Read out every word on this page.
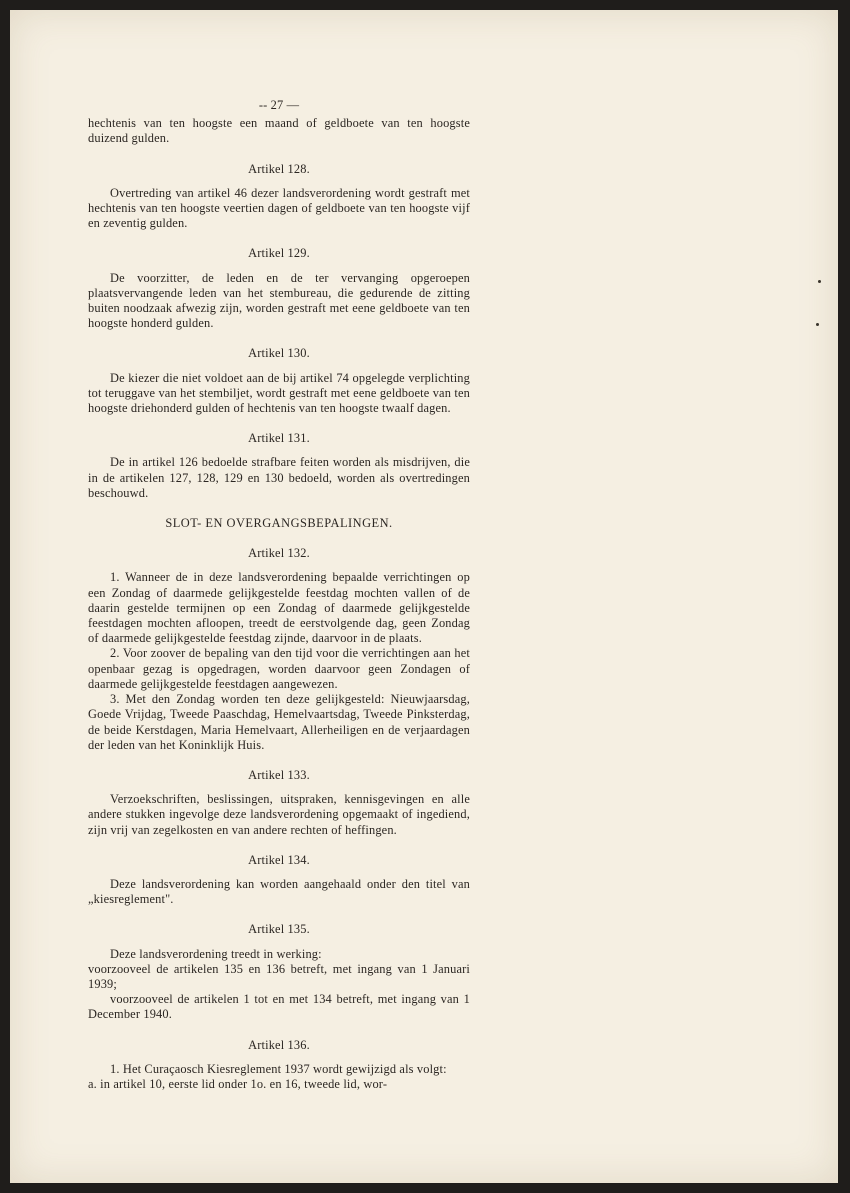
-- 27 —
hechtenis van ten hoogste een maand of geldboete van ten hoogste duizend gulden.
Artikel 128.
Overtreding van artikel 46 dezer landsverordening wordt gestraft met hechtenis van ten hoogste veertien dagen of geldboete van ten hoogste vijf en zeventig gulden.
Artikel 129.
De voorzitter, de leden en de ter vervanging opgeroepen plaatsvervangende leden van het stembureau, die gedurende de zitting buiten noodzaak afwezig zijn, worden gestraft met eene geldboete van ten hoogste honderd gulden.
Artikel 130.
De kiezer die niet voldoet aan de bij artikel 74 opgelegde verplichting tot teruggave van het stembiljet, wordt gestraft met eene geldboete van ten hoogste driehonderd gulden of hechtenis van ten hoogste twaalf dagen.
Artikel 131.
De in artikel 126 bedoelde strafbare feiten worden als misdrijven, die in de artikelen 127, 128, 129 en 130 bedoeld, worden als overtredingen beschouwd.
SLOT- EN OVERGANGSBEPALINGEN.
Artikel 132.
1. Wanneer de in deze landsverordening bepaalde verrichtingen op een Zondag of daarmede gelijkgestelde feestdag mochten vallen of de daarin gestelde termijnen op een Zondag of daarmede gelijkgestelde feestdagen mochten afloopen, treedt de eerstvolgende dag, geen Zondag of daarmede gelijkgestelde feestdag zijnde, daarvoor in de plaats.
2. Voor zoover de bepaling van den tijd voor die verrichtingen aan het openbaar gezag is opgedragen, worden daarvoor geen Zondagen of daarmede gelijkgestelde feestdagen aangewezen.
3. Met den Zondag worden ten deze gelijkgesteld: Nieuwjaarsdag, Goede Vrijdag, Tweede Paaschdag, Hemelvaartsdag, Tweede Pinksterdag, de beide Kerstdagen, Maria Hemelvaart, Allerheiligen en de verjaardagen der leden van het Koninklijk Huis.
Artikel 133.
Verzoekschriften, beslissingen, uitspraken, kennisgevingen en alle andere stukken ingevolge deze landsverordening opgemaakt of ingediend, zijn vrij van zegelkosten en van andere rechten of heffingen.
Artikel 134.
Deze landsverordening kan worden aangehaald onder den titel van „kiesreglement".
Artikel 135.
Deze landsverordening treedt in werking:
voorzooveel de artikelen 135 en 136 betreft, met ingang van 1 Januari 1939;
voorzooveel de artikelen 1 tot en met 134 betreft, met ingang van 1 December 1940.
Artikel 136.
1. Het Curaçaosch Kiesreglement 1937 wordt gewijzigd als volgt:
a. in artikel 10, eerste lid onder 1o. en 16, tweede lid, wor-
